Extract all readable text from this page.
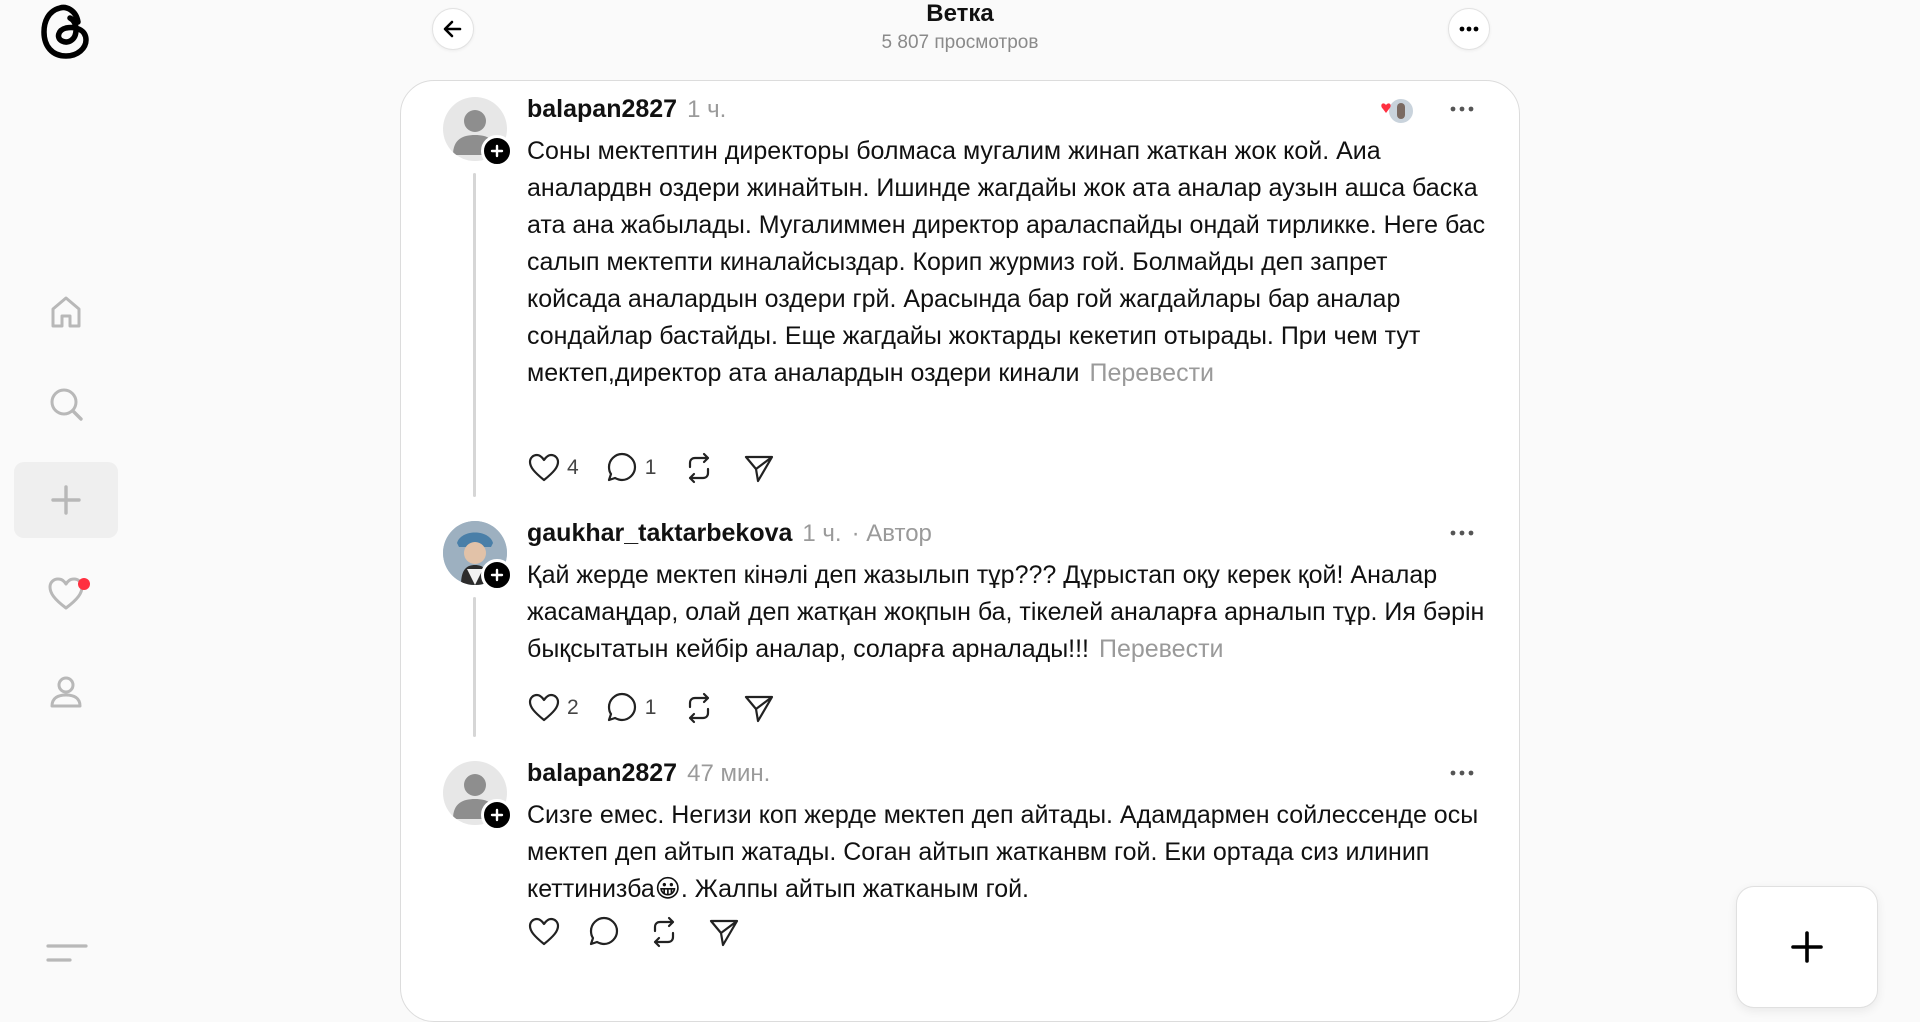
Ветка
5 807 просмотров
balapan2827 1 ч.
Соны мектептин директоры болмаса мугалим жинап жаткан жок кой. Аиа аналардвн оздери жинайтын. Ишинде жагдайы жок ата аналар аузын ашса баска ата ана жабылады. Мугалиммен директор араласпайды ондай тирликке. Неге бас салып мектепти киналайсыздар. Корип журмиз гой. Болмайды деп запрет койсада аналардын оздери грй. Арасында бар гой жагдайлары бар аналар сондайлар бастайды. Еще жагдайы жоктарды кекетип отырады. При чем тут мектеп,директор ата аналардын оздери кинали Перевести
4	1
gaukhar_taktarbekova 1 ч. · Автор
Қай жерде мектеп кінәлі деп жазылып тұр??? Дұрыстап оқу керек қой! Аналар жасамаңдар, олай деп жатқан жоқпын ба, тікелей аналарға арналып тұр. Ия бәрін бықсытатын кейбір аналар, соларға арналады!!! Перевести
2	1
balapan2827 47 мин.
Сизге емес. Негизи коп жерде мектеп деп айтады. Адамдармен сойлессенде осы мектеп деп айтып жатады. Соган айтып жатканвм гой. Еки ортада сиз илинип кеттинизба😀. Жалпы айтып жатканым гой.
